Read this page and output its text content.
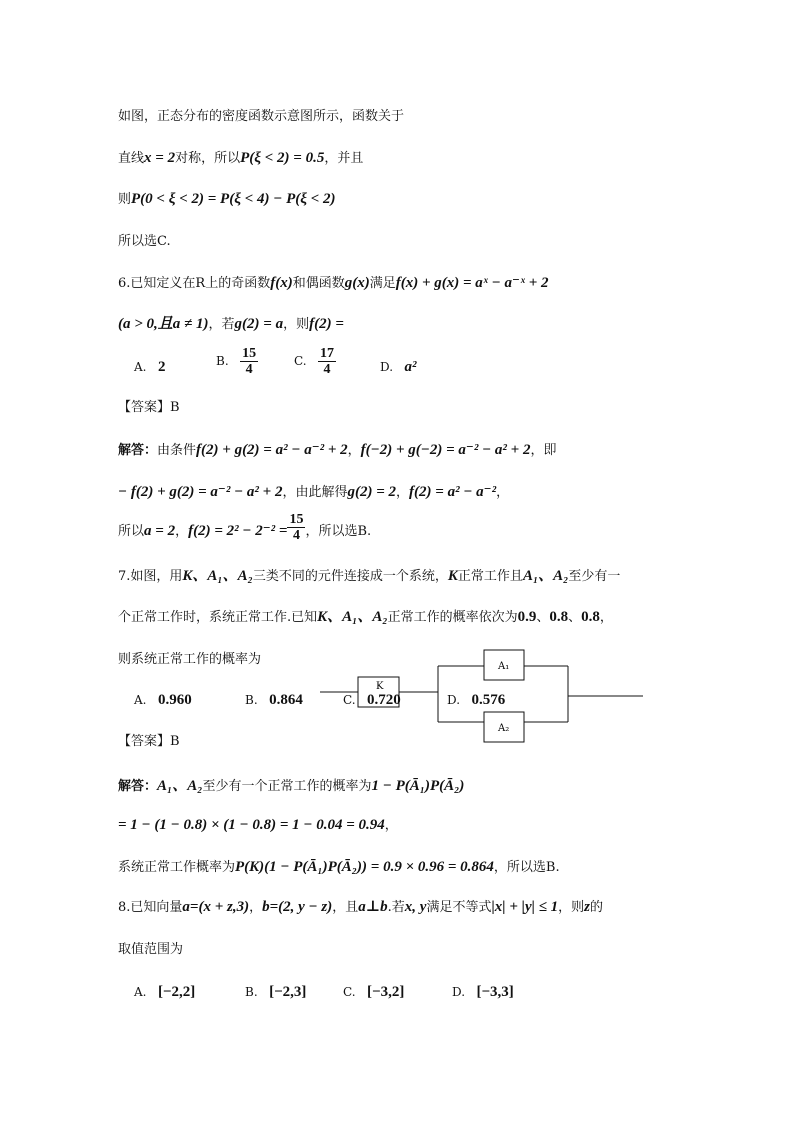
如图，正态分布的密度函数示意图所示，函数关于
直线x = 2对称，所以P(ξ < 2) = 0.5，并且
则P(0 < ξ < 2) = P(ξ < 4) − P(ξ < 2)
所以选C.
6.已知定义在R上的奇函数f(x)和偶函数g(x)满足f(x) + g(x) = aˣ − a⁻ˣ + 2
(a > 0,且a ≠ 1)，若g(2) = a，则f(2) =
A. 2	B. $\frac{15}{4}$	C. $\frac{17}{4}$	D. a²
【答案】B
解答：由条件f(2) + g(2) = a² − a⁻² + 2，f(−2) + g(−2) = a⁻² − a² + 2，即
− f(2) + g(2) = a⁻² − a² + 2，由此解得g(2) = 2，f(2) = a² − a⁻²，
所以a = 2，$f(2) = 2^2 - 2^{-2} = \frac{15}{4}$ ，所以选B.
7.如图，用K、A₁、A₂三类不同的元件连接成一个系统，K正常工作且A₁、A₂至少有一
个正常工作时，系统正常工作.已知K、A₁、A₂正常工作的概率依次为0.9、0.8、0.8，
则系统正常工作的概率为
K
A₁
A₂
A. 0.960	B. 0.864	C. 0.720	D. 0.576
【答案】B
解答：A₁、A₂至少有一个正常工作的概率为1 − P(Ā₁)P(Ā₂)
= 1 − (1 − 0.8) × (1 − 0.8) = 1 − 0.04 = 0.94，
系统正常工作概率为P(K)(1 − P(Ā₁)P(Ā₂)) = 0.9 × 0.96 = 0.864，所以选B.
8.已知向量a=(x + z,3)，b=(2, y − z)，且a⊥b.若x, y满足不等式|x| + |y| ≤ 1，则z的
取值范围为
A. [−2,2]	B. [−2,3]	C. [−3,2]	D. [−3,3]
